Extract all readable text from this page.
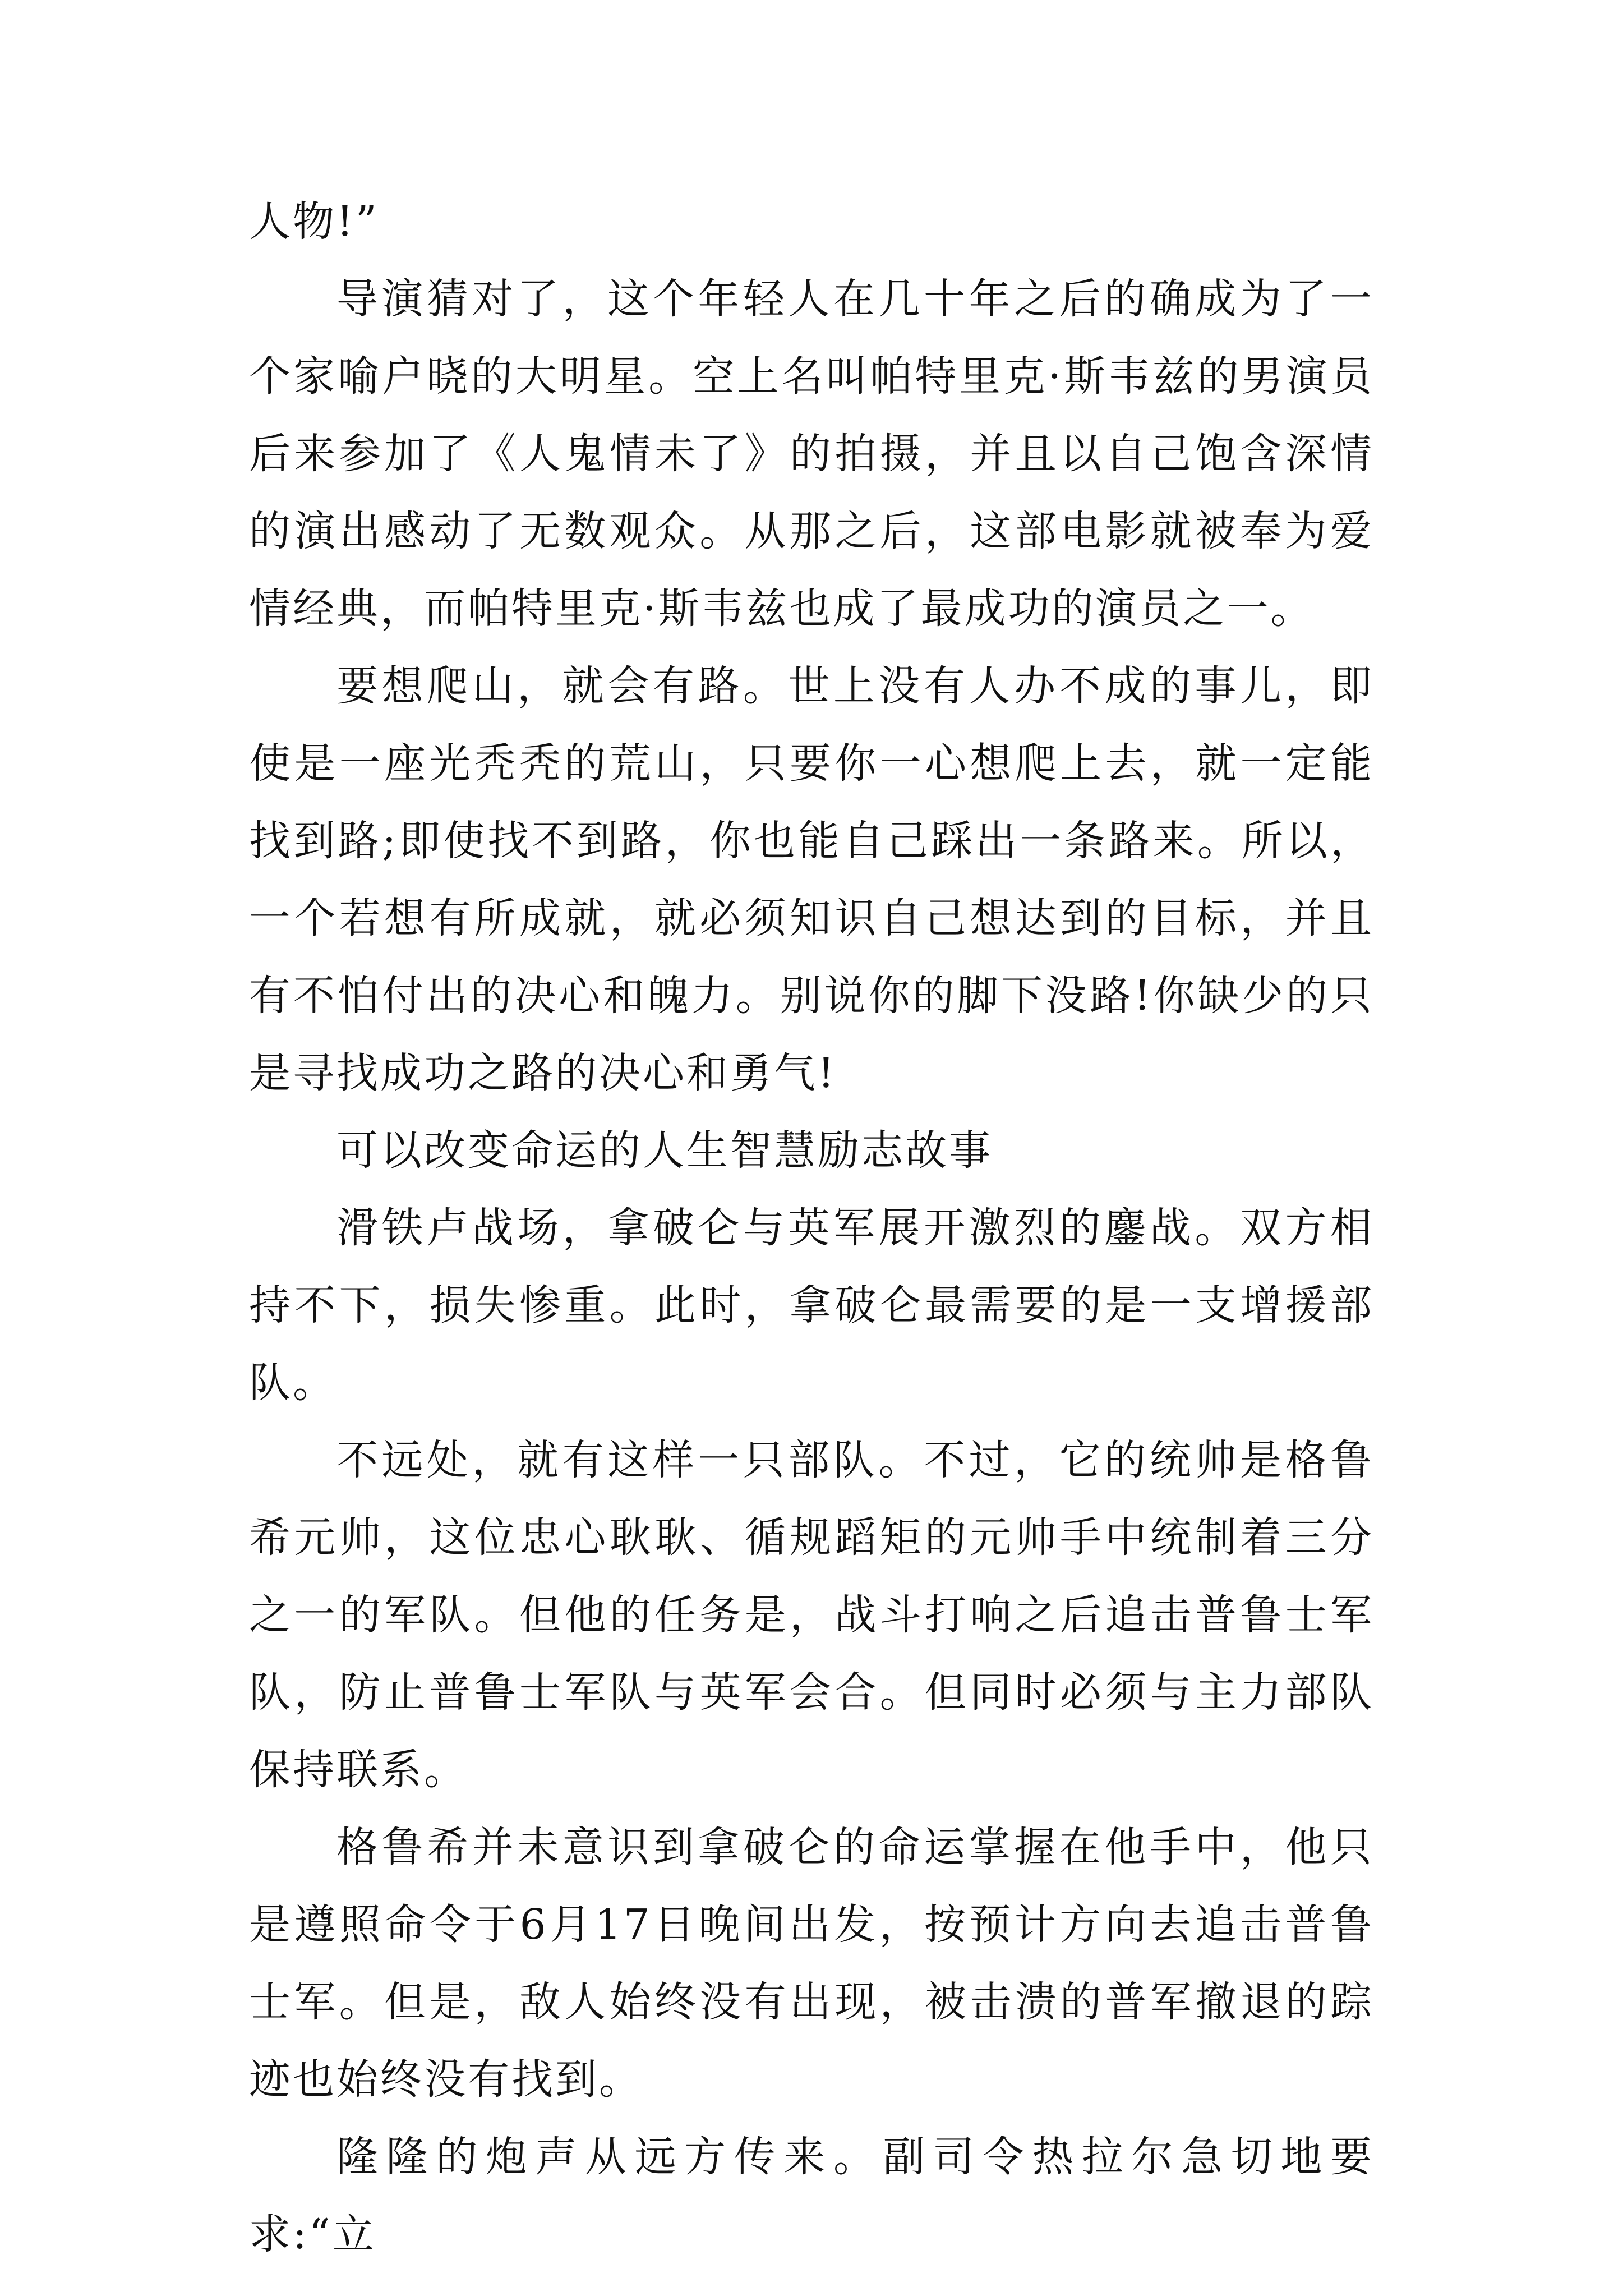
人物!”

导演猜对了，这个年轻人在几十年之后的确成为了一个家喻户晓的大明星。空上名叫帕特里克·斯韦兹的男演员后来参加了《人鬼情未了》的拍摄，并且以自己饱含深情的演出感动了无数观众。从那之后，这部电影就被奉为爱情经典，而帕特里克·斯韦兹也成了最成功的演员之一。

要想爬山，就会有路。世上没有人办不成的事儿，即使是一座光秃秃的荒山，只要你一心想爬上去，就一定能找到路;即使找不到路，你也能自己踩出一条路来。所以，一个若想有所成就，就必须知识自己想达到的目标，并且有不怕付出的决心和魄力。别说你的脚下没路!你缺少的只是寻找成功之路的决心和勇气!

可以改变命运的人生智慧励志故事

滑铁卢战场，拿破仑与英军展开激烈的鏖战。双方相持不下，损失惨重。此时，拿破仑最需要的是一支增援部队。

不远处，就有这样一只部队。不过，它的统帅是格鲁希元帅，这位忠心耿耿、循规蹈矩的元帅手中统制着三分之一的军队。但他的任务是，战斗打响之后追击普鲁士军队，防止普鲁士军队与英军会合。但同时必须与主力部队保持联系。

格鲁希并未意识到拿破仑的命运掌握在他手中，他只是遵照命令于6月17日晚间出发，按预计方向去追击普鲁士军。但是，敌人始终没有出现，被击溃的普军撤退的踪迹也始终没有找到。

隆隆的炮声从远方传来。副司令热拉尔急切地要求:“立
